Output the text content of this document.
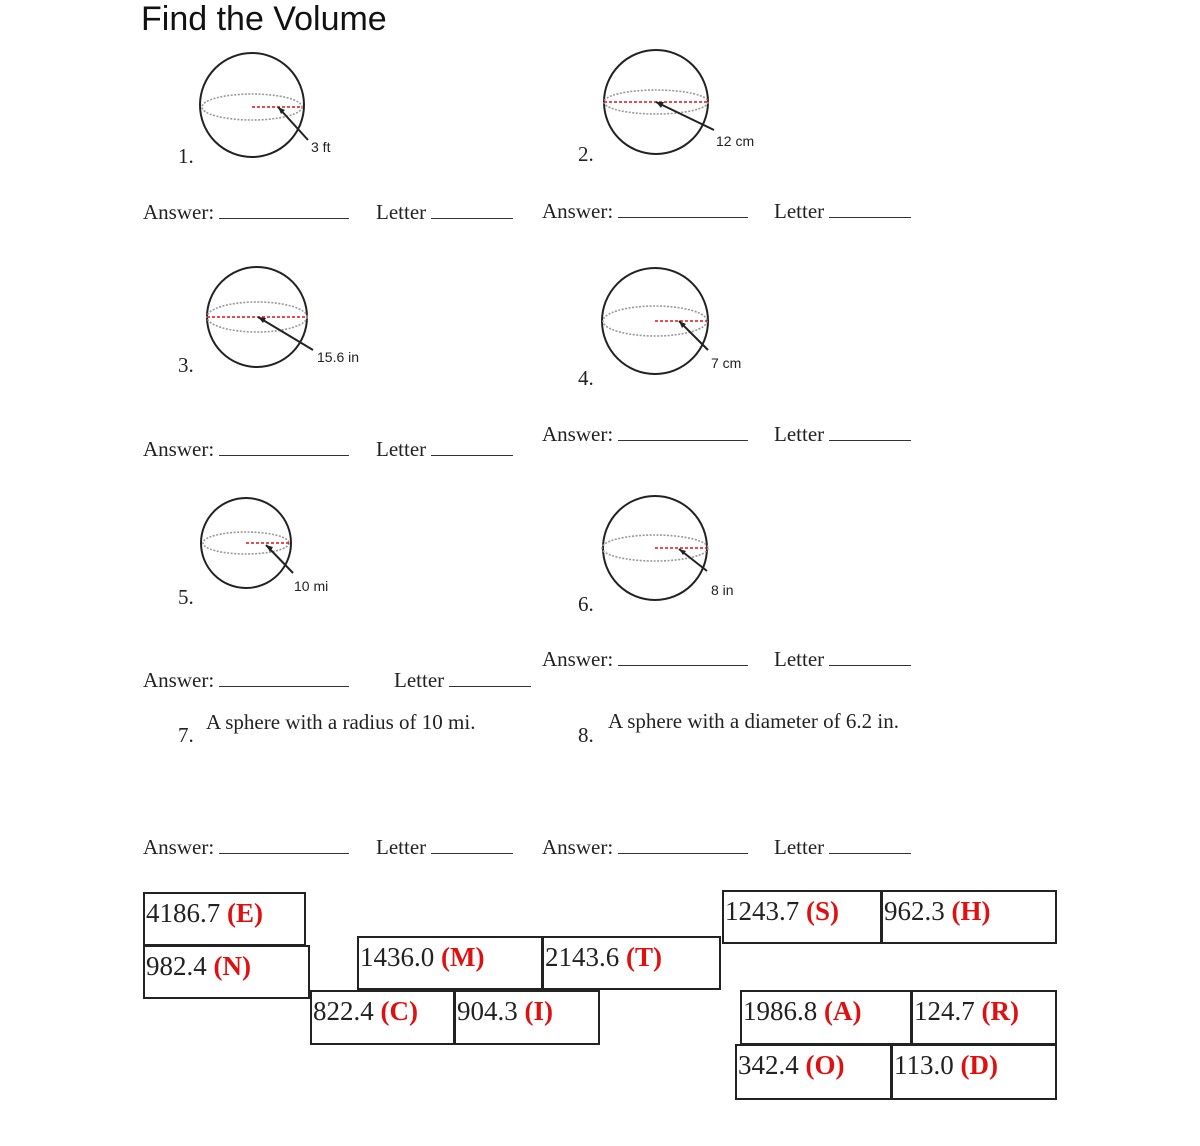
Find the Volume
3 ft
1.
12 cm
2.
Answer:	Letter	Answer:	Letter
15.6 in
3.	7 cm
4.
Answer:	Letter
Answer:	Letter
10 mi
5.	8 in
6.
Answer:	Letter
Answer:	Letter
7.
A sphere with a radius of 10 mi.
8.
A sphere with a diameter of 6.2 in.
Answer:	Letter	Answer:	Letter
4186.7 (E)
982.4 (N)	1436.0 (M)	2143.6 (T)
822.4 (C)	904.3 (I)
1243.7 (S)	962.3 (H)
1986.8 (A)	124.7 (R)
342.4 (O)	113.0 (D)
